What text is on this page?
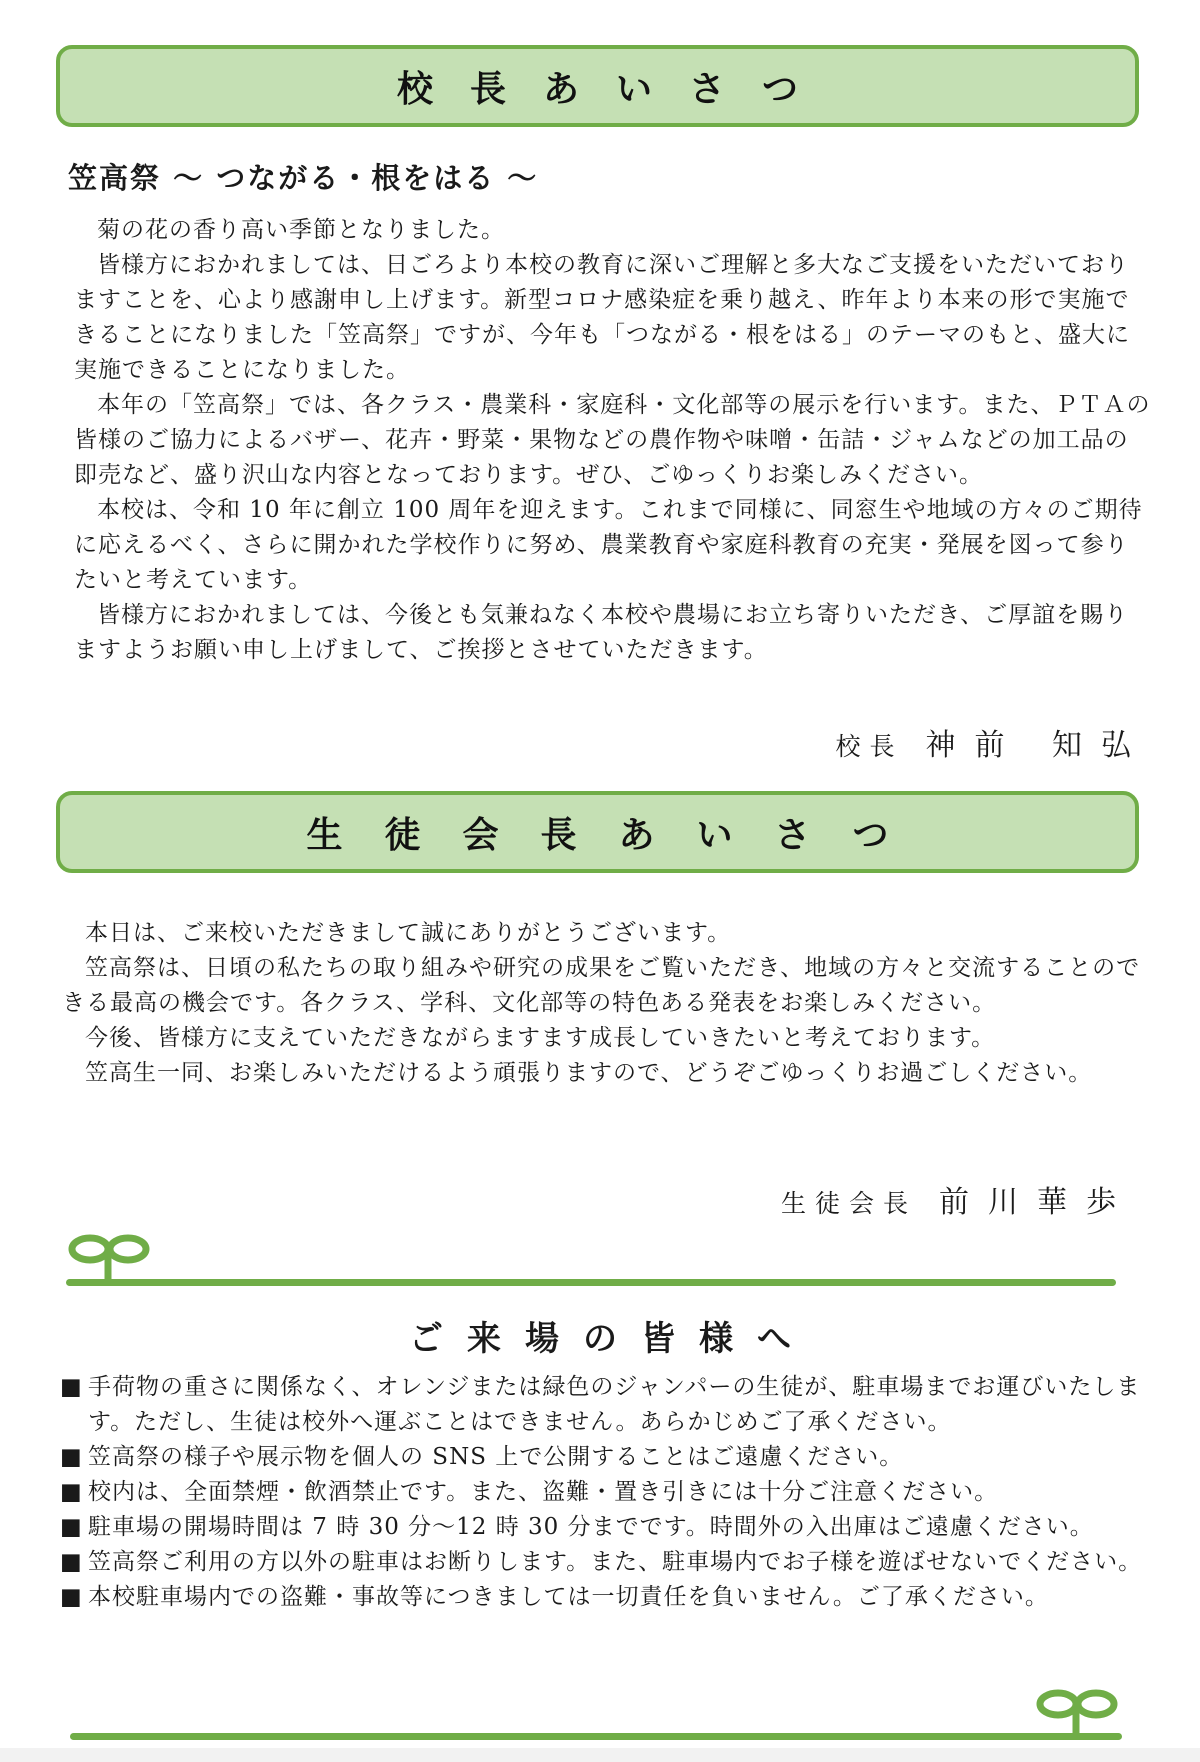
校長あいさつ
笠高祭 〜 つながる・根をはる 〜

菊の花の香り高い季節となりました。

皆様方におかれましては、日ごろより本校の教育に深いご理解と多大なご支援をいただいておりますことを、心より感謝申し上げます。新型コロナ感染症を乗り越え、昨年より本来の形で実施できることになりました「笠高祭」ですが、今年も「つながる・根をはる」のテーマのもと、盛大に実施できることになりました。

本年の「笠高祭」では、各クラス・農業科・家庭科・文化部等の展示を行います。また、ＰＴＡの皆様のご協力によるバザー、花卉・野菜・果物などの農作物や味噌・缶詰・ジャムなどの加工品の即売など、盛り沢山な内容となっております。ぜひ、ごゆっくりお楽しみください。

本校は、令和 10 年に創立 100 周年を迎えます。これまで同様に、同窓生や地域の方々のご期待に応えるべく、さらに開かれた学校作りに努め、農業教育や家庭科教育の充実・発展を図って参りたいと考えています。

皆様方におかれましては、今後とも気兼ねなく本校や農場にお立ち寄りいただき、ご厚誼を賜りますようお願い申し上げまして、ご挨拶とさせていただきます。

校長 神前 知弘
生徒会長あいさつ

本日は、ご来校いただきまして誠にありがとうございます。

笠高祭は、日頃の私たちの取り組みや研究の成果をご覧いただき、地域の方々と交流することのできる最高の機会です。各クラス、学科、文化部等の特色ある発表をお楽しみください。

今後、皆様方に支えていただきながらますます成長していきたいと考えております。

笠高生一同、お楽しみいただけるよう頑張りますので、どうぞごゆっくりお過ごしください。

生徒会長 前川華歩
ご来場の皆様へ
■ 手荷物の重さに関係なく、オレンジまたは緑色のジャンパーの生徒が、駐車場までお運びいたします。ただし、生徒は校外へ運ぶことはできません。あらかじめご了承ください。
■ 笠高祭の様子や展示物を個人の SNS 上で公開することはご遠慮ください。
■ 校内は、全面禁煙・飲酒禁止です。また、盗難・置き引きには十分ご注意ください。
■ 駐車場の開場時間は 7 時 30 分〜12 時 30 分までです。時間外の入出庫はご遠慮ください。
■ 笠高祭ご利用の方以外の駐車はお断りします。また、駐車場内でお子様を遊ばせないでください。
■ 本校駐車場内での盗難・事故等につきましては一切責任を負いません。ご了承ください。
